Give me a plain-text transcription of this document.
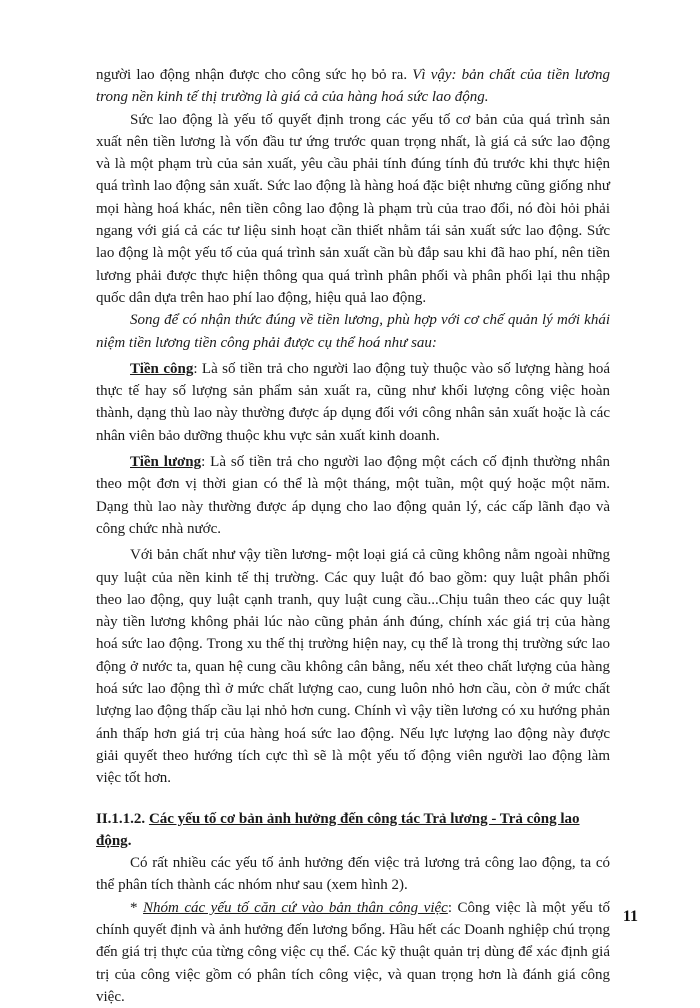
người lao động nhận được cho công sức họ bỏ ra. Vì vậy: bản chất của tiền lương trong nền kinh tế thị trường là giá cả của hàng hoá sức lao động.

Sức lao động là yếu tố quyết định trong các yếu tố cơ bản của quá trình sản xuất nên tiền lương là vốn đầu tư ứng trước quan trọng nhất, là giá cả sức lao động và là một phạm trù của sản xuất, yêu cầu phải tính đúng tính đủ trước khi thực hiện quá trình lao động sản xuất. Sức lao động là hàng hoá đặc biệt nhưng cũng giống như mọi hàng hoá khác, nên tiền công lao động là phạm trù của trao đổi, nó đòi hỏi phải ngang với giá cả các tư liệu sinh hoạt cần thiết nhằm tái sản xuất sức lao động. Sức lao động là một yếu tố của quá trình sản xuất cần bù đắp sau khi đã hao phí, nên tiền lương phải được thực hiện thông qua quá trình phân phối và phân phối lại thu nhập quốc dân dựa trên hao phí lao động, hiệu quả lao động.

Song để có nhận thức đúng về tiền lương, phù hợp với cơ chế quản lý mới khái niệm tiền lương tiền công phải được cụ thể hoá như sau:

Tiền công: Là số tiền trả cho người lao động tuỳ thuộc vào số lượng hàng hoá thực tế hay số lượng sản phẩm sản xuất ra, cũng như khối lượng công việc hoàn thành, dạng thù lao này thường được áp dụng đối với công nhân sản xuất hoặc là các nhân viên bảo dưỡng thuộc khu vực sản xuất kinh doanh.

Tiền lương: Là số tiền trả cho người lao động một cách cố định thường nhân theo một đơn vị thời gian có thể là một tháng, một tuần, một quý hoặc một năm. Dạng thù lao này thường được áp dụng cho lao động quản lý, các cấp lãnh đạo và công chức nhà nước.

Với bản chất như vậy tiền lương- một loại giá cả cũng không nằm ngoài những quy luật của nền kinh tế thị trường. Các quy luật đó bao gồm: quy luật phân phối theo lao động, quy luật cạnh tranh, quy luật cung cầu...Chịu tuân theo các quy luật này tiền lương không phải lúc nào cũng phản ánh đúng, chính xác giá trị của hàng hoá sức lao động. Trong xu thế thị trường hiện nay, cụ thể là trong thị trường sức lao động ở nước ta, quan hệ cung cầu không cân bằng, nếu xét theo chất lượng của hàng hoá sức lao động thì ở mức chất lượng cao, cung luôn nhỏ hơn cầu, còn ở mức chất lượng lao động thấp cầu lại nhỏ hơn cung. Chính vì vậy tiền lương có xu hướng phản ánh thấp hơn giá trị của hàng hoá sức lao động. Nếu lực lượng lao động này được giải quyết theo hướng tích cực thì sẽ là một yếu tố động viên người lao động làm việc tốt hơn.

II.1.1.2. Các yếu tố cơ bản ảnh hưởng đến công tác Trả lương - Trả công lao động.

Có rất nhiều các yếu tố ảnh hưởng đến việc trả lương trả công lao động, ta có thể phân tích thành các nhóm như sau (xem hình 2).

* Nhóm các yếu tố căn cứ vào bản thân công việc: Công việc là một yếu tố chính quyết định và ảnh hưởng đến lương bổng. Hầu hết các Doanh nghiệp chú trọng đến giá trị thực của từng công việc cụ thể. Các kỹ thuật quản trị dùng để xác định giá trị của công việc gồm có phân tích công việc, và quan trọng hơn là đánh giá công việc.

11
